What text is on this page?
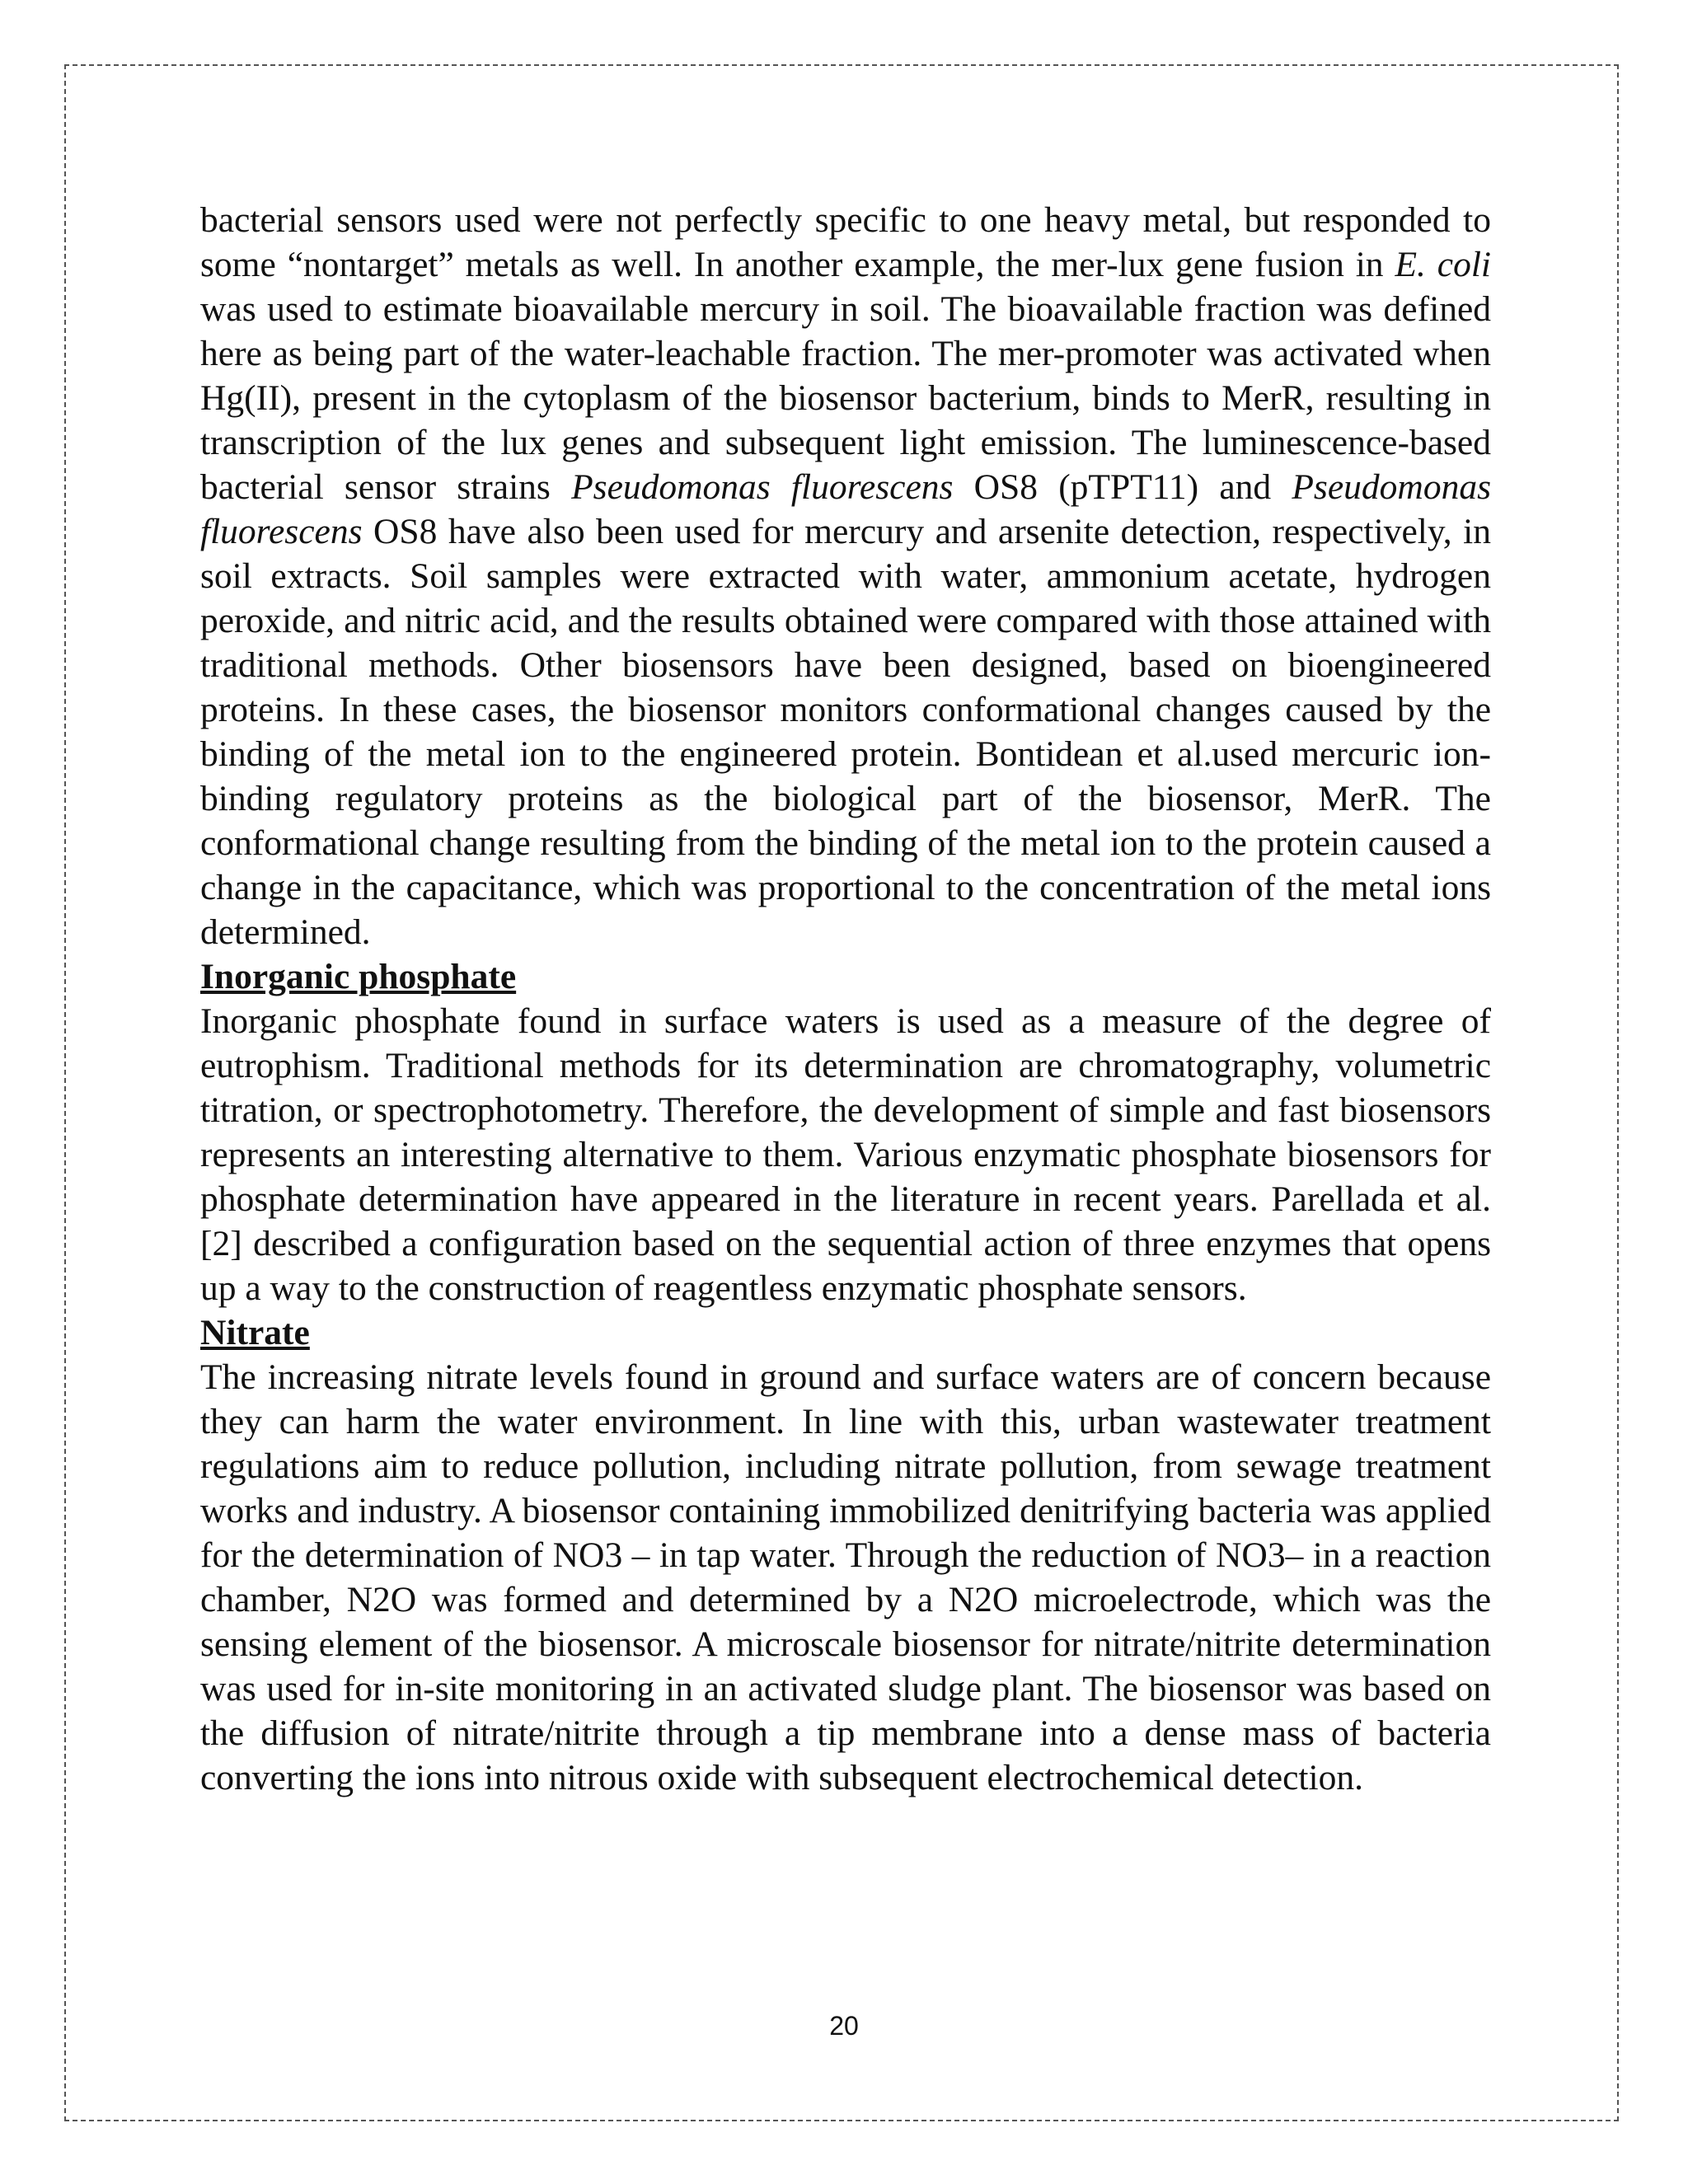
bacterial sensors used were not perfectly specific to one heavy metal, but responded to some “nontarget” metals as well. In another example, the mer-lux gene fusion in E. coli was used to estimate bioavailable mercury in soil. The bioavailable fraction was defined here as being part of the water-leachable fraction. The mer-promoter was activated when Hg(II), present in the cytoplasm of the biosensor bacterium, binds to MerR, resulting in transcription of the lux genes and subsequent light emission. The luminescence-based bacterial sensor strains Pseudomonas fluorescens OS8 (pTPT11) and Pseudomonas fluorescens OS8 have also been used for mercury and arsenite detection, respectively, in soil extracts. Soil samples were extracted with water, ammonium acetate, hydrogen peroxide, and nitric acid, and the results obtained were compared with those attained with traditional methods. Other biosensors have been designed, based on bioengineered proteins. In these cases, the biosensor monitors conformational changes caused by the binding of the metal ion to the engineered protein. Bontidean et al.used mercuric ion-binding regulatory proteins as the biological part of the biosensor, MerR. The conformational change resulting from the binding of the metal ion to the protein caused a change in the capacitance, which was proportional to the concentration of the metal ions determined.

Inorganic phosphate

Inorganic phosphate found in surface waters is used as a measure of the degree of eutrophism. Traditional methods for its determination are chromatography, volumetric titration, or spectrophotometry. Therefore, the development of simple and fast biosensors represents an interesting alternative to them. Various enzymatic phosphate biosensors for phosphate determination have appeared in the literature in recent years. Parellada et al. [2] described a configuration based on the sequential action of three enzymes that opens up a way to the construction of reagentless enzymatic phosphate sensors.

Nitrate

The increasing nitrate levels found in ground and surface waters are of concern because they can harm the water environment. In line with this, urban wastewater treatment regulations aim to reduce pollution, including nitrate pollution, from sewage treatment works and industry. A biosensor containing immobilized denitrifying bacteria was applied for the determination of NO3 – in tap water. Through the reduction of NO3– in a reaction chamber, N2O was formed and determined by a N2O microelectrode, which was the sensing element of the biosensor. A microscale biosensor for nitrate/nitrite determination was used for in-site monitoring in an activated sludge plant. The biosensor was based on the diffusion of nitrate/nitrite through a tip membrane into a dense mass of bacteria converting the ions into nitrous oxide with subsequent electrochemical detection.

20
